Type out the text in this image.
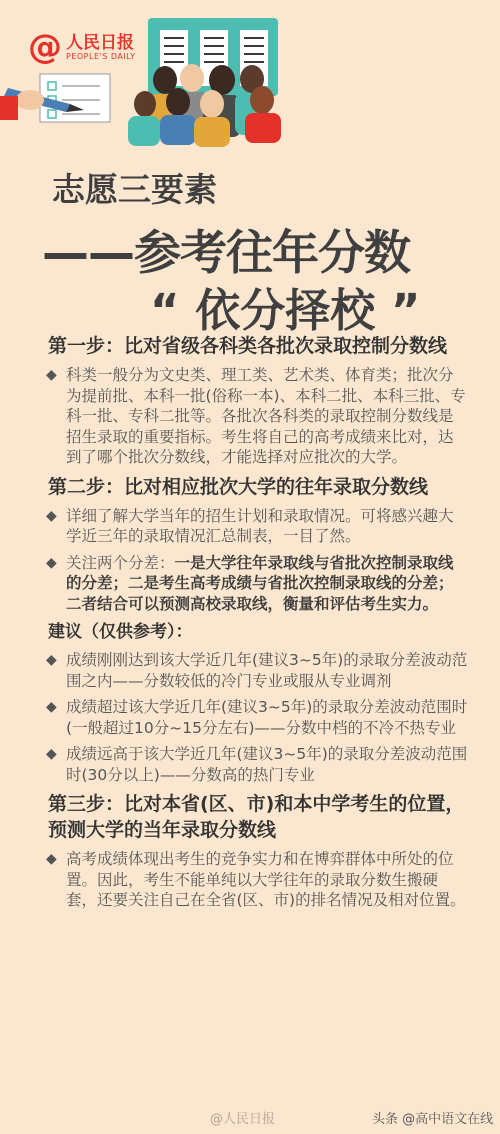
@ 人民日报
PEOPLE'S DAILY
志愿三要素
——参考往年分数
“ 依分择校 ”
第一步：比对省级各科类各批次录取控制分数线

◆ 科类一般分为文史类、理工类、艺术类、体育类；批次分为提前批、本科一批(俗称一本)、本科二批、本科三批、专科一批、专科二批等。各批次各科类的录取控制分数线是招生录取的重要指标。考生将自己的高考成绩来比对，达到了哪个批次分数线，才能选择对应批次的大学。

第二步：比对相应批次大学的往年录取分数线

◆ 详细了解大学当年的招生计划和录取情况。可将感兴趣大学近三年的录取情况汇总制表，一目了然。

◆ 关注两个分差：一是大学往年录取线与省批次控制录取线的分差；二是考生高考成绩与省批次控制录取线的分差；二者结合可以预测高校录取线，衡量和评估考生实力。

建议（仅供参考）：

◆ 成绩刚刚达到该大学近几年(建议3~5年)的录取分差波动范围之内——分数较低的冷门专业或服从专业调剂

◆ 成绩超过该大学近几年(建议3~5年)的录取分差波动范围时(一般超过10分~15分左右)——分数中档的不冷不热专业

◆ 成绩远高于该大学近几年(建议3~5年)的录取分差波动范围时(30分以上)——分数高的热门专业

第三步：比对本省(区、市)和本中学考生的位置，预测大学的当年录取分数线

◆ 高考成绩体现出考生的竞争实力和在博弈群体中所处的位置。因此，考生不能单纯以大学往年的录取分数生搬硬套，还要关注自己在全省(区、市)的排名情况及相对位置。

@人民日报	头条 @高中语文在线
